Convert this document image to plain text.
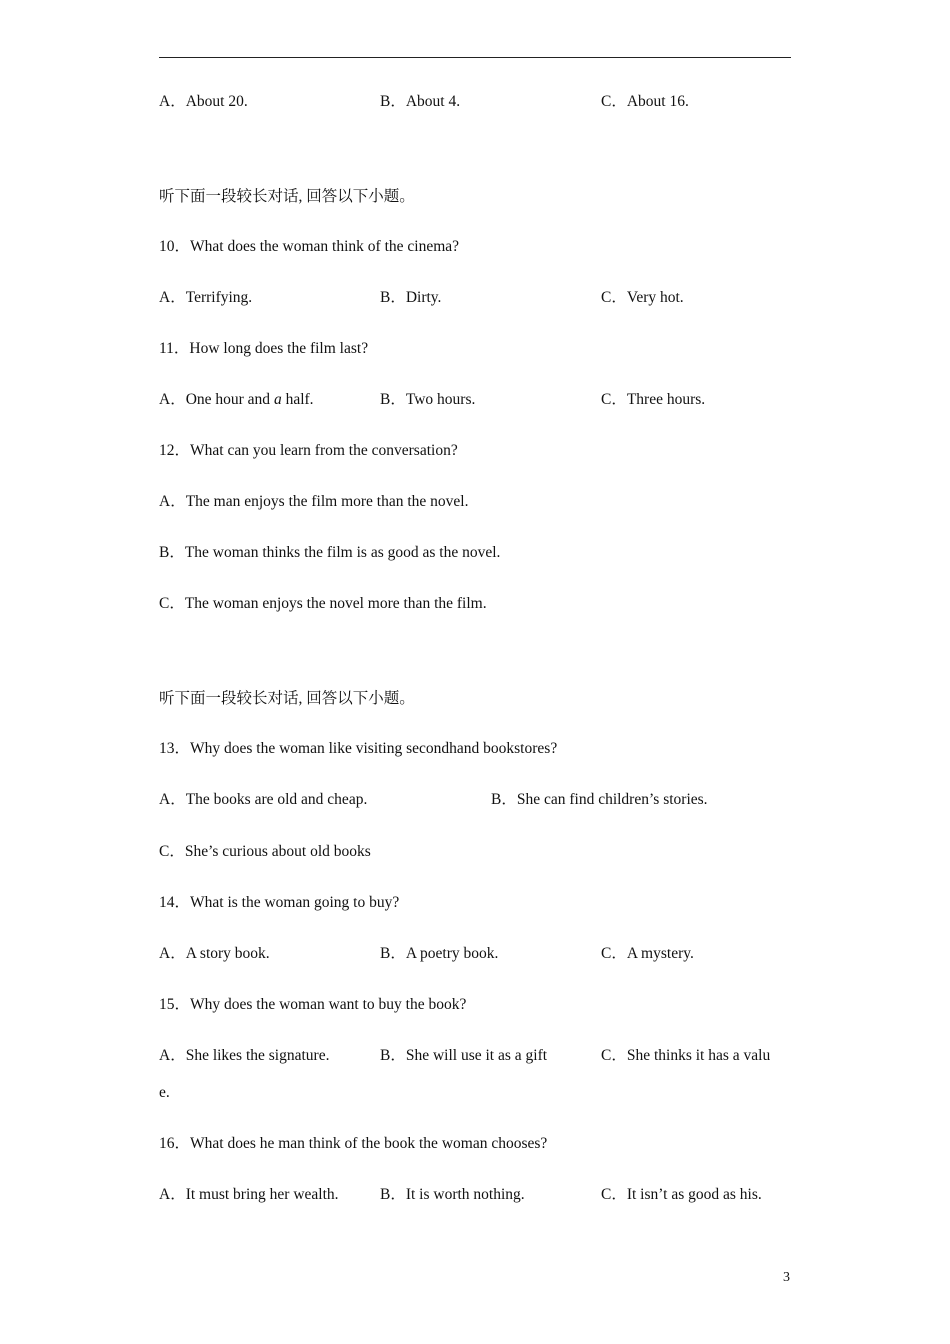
A．About 20.	B．About 4.	C．About 16.
听下面一段较长对话, 回答以下小题。
10．What does the woman think of the cinema?
A．Terrifying.	B．Dirty.	C．Very hot.
11．How long does the film last?
A．One hour and a half.	B．Two hours.	C．Three hours.
12．What can you learn from the conversation?
A．The man enjoys the film more than the novel.
B．The woman thinks the film is as good as the novel.
C．The woman enjoys the novel more than the film.
听下面一段较长对话, 回答以下小题。
13．Why does the woman like visiting secondhand bookstores?
A．The books are old and cheap.	B．She can find children’s stories.
C．She’s curious about old books
14．What is the woman going to buy?
A．A story book.	B．A poetry book.	C．A mystery.
15．Why does the woman want to buy the book?
A．She likes the signature.	B．She will use it as a gift	C．She thinks it has a valu
e.
16．What does he man think of the book the woman chooses?
A．It must bring her wealth.	B．It is worth nothing.	C．It isn’t as good as his.
3
